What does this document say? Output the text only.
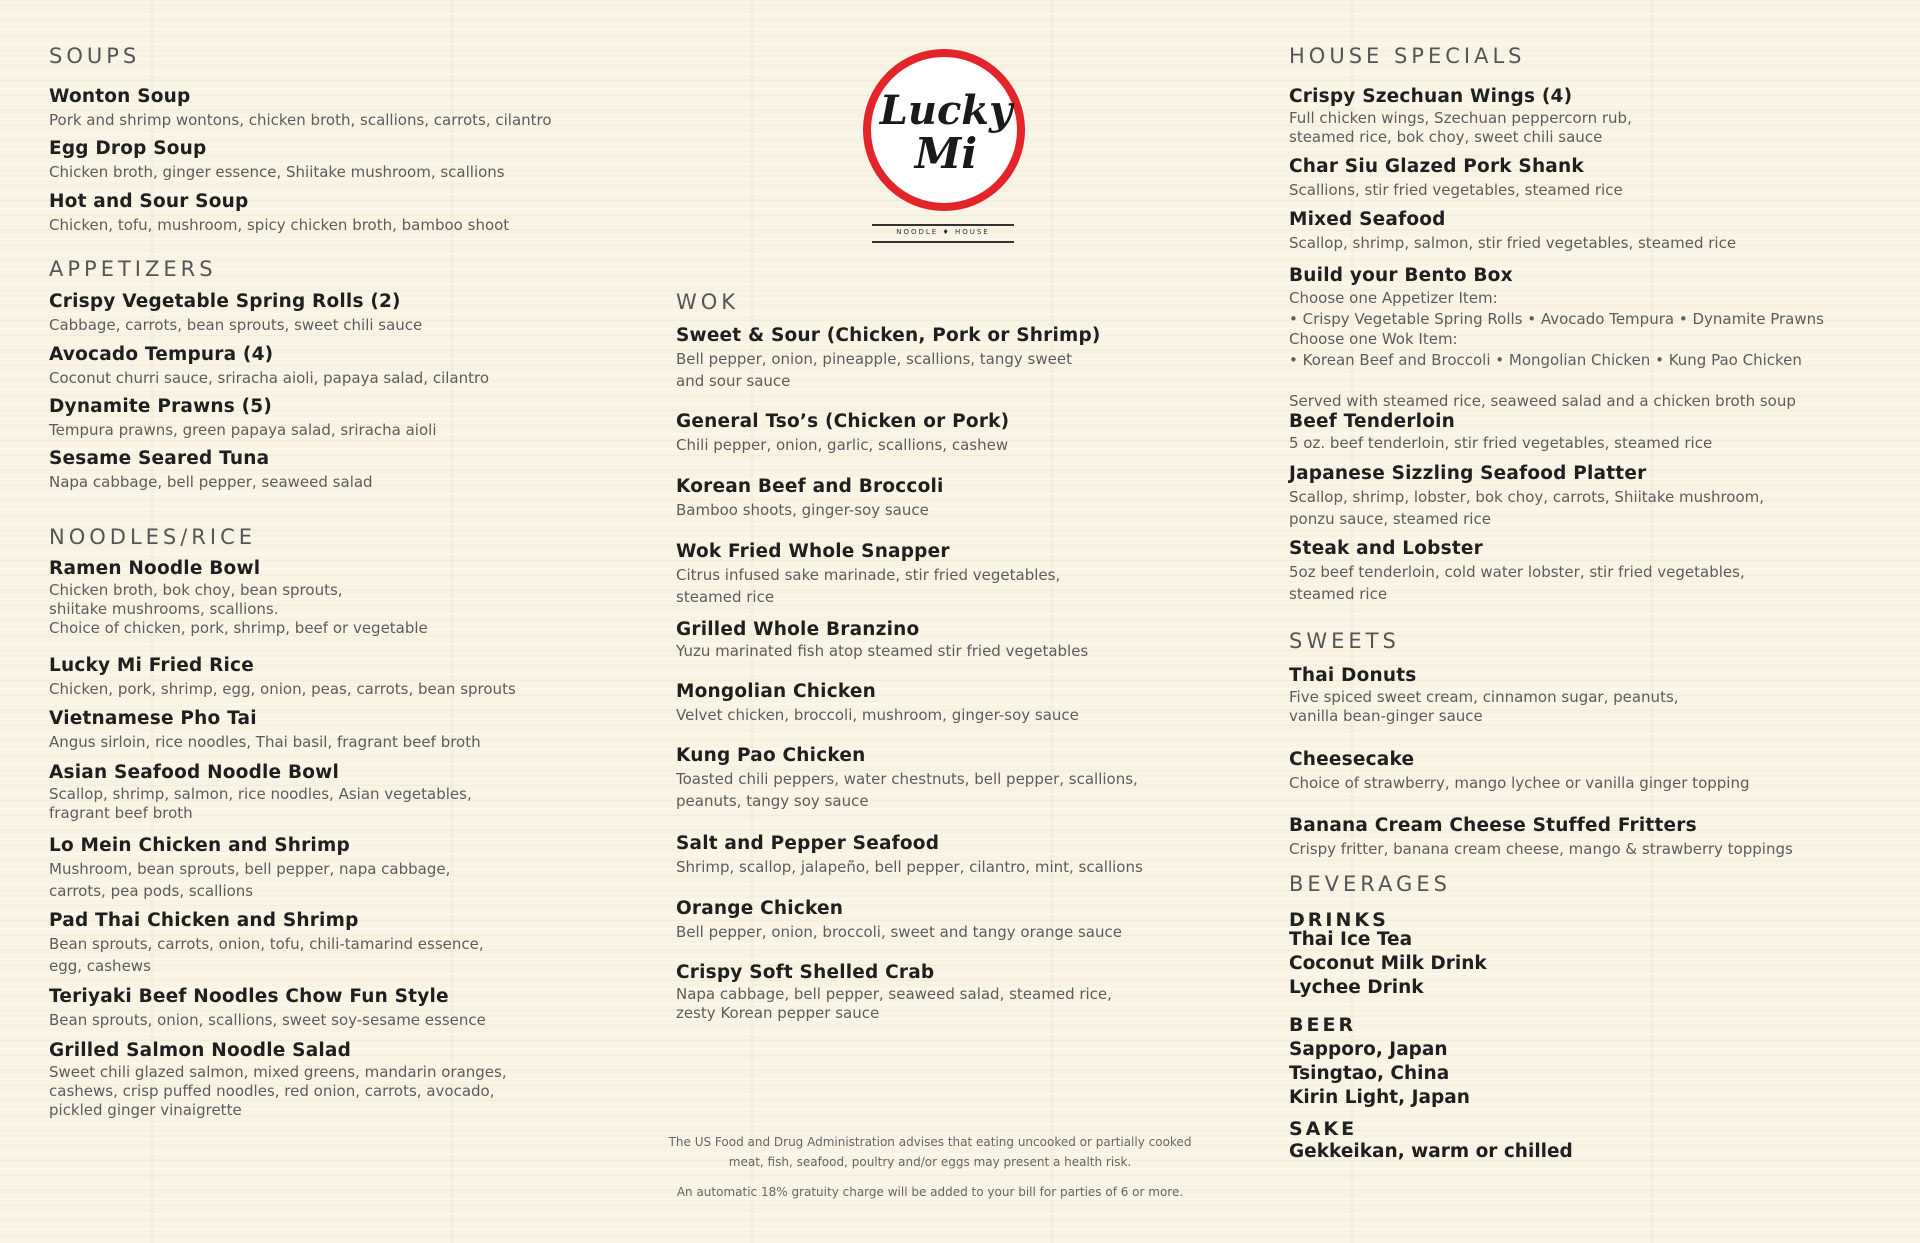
SOUPS
Wonton Soup
Pork and shrimp wontons, chicken broth, scallions, carrots, cilantro
Egg Drop Soup
Chicken broth, ginger essence, Shiitake mushroom, scallions
Hot and Sour Soup
Chicken, tofu, mushroom, spicy chicken broth, bamboo shoot
APPETIZERS
Crispy Vegetable Spring Rolls (2)
Cabbage, carrots, bean sprouts, sweet chili sauce
Avocado Tempura (4)
Coconut churri sauce, sriracha aioli, papaya salad, cilantro
Dynamite Prawns (5)
Tempura prawns, green papaya salad, sriracha aioli
Sesame Seared Tuna
Napa cabbage, bell pepper, seaweed salad
NOODLES/RICE
Ramen Noodle Bowl
Chicken broth, bok choy, bean sprouts,
shiitake mushrooms, scallions.
Choice of chicken, pork, shrimp, beef or vegetable
Lucky Mi Fried Rice
Chicken, pork, shrimp, egg, onion, peas, carrots, bean sprouts
Vietnamese Pho Tai
Angus sirloin, rice noodles, Thai basil, fragrant beef broth
Asian Seafood Noodle Bowl
Scallop, shrimp, salmon, rice noodles, Asian vegetables,
fragrant beef broth
Lo Mein Chicken and Shrimp
Mushroom, bean sprouts, bell pepper, napa cabbage,
carrots, pea pods, scallions
Pad Thai Chicken and Shrimp
Bean sprouts, carrots, onion, tofu, chili-tamarind essence,
egg, cashews
Teriyaki Beef Noodles Chow Fun Style
Bean sprouts, onion, scallions, sweet soy-sesame essence
Grilled Salmon Noodle Salad
Sweet chili glazed salmon, mixed greens, mandarin oranges,
cashews, crisp puffed noodles, red onion, carrots, avocado,
pickled ginger vinaigrette
Lucky
Mi
NOODLE ♦ HOUSE
WOK
Sweet & Sour (Chicken, Pork or Shrimp)
Bell pepper, onion, pineapple, scallions, tangy sweet
and sour sauce
General Tso’s (Chicken or Pork)
Chili pepper, onion, garlic, scallions, cashew
Korean Beef and Broccoli
Bamboo shoots, ginger-soy sauce
Wok Fried Whole Snapper
Citrus infused sake marinade, stir fried vegetables,
steamed rice
Grilled Whole Branzino
Yuzu marinated fish atop steamed stir fried vegetables
Mongolian Chicken
Velvet chicken, broccoli, mushroom, ginger-soy sauce
Kung Pao Chicken
Toasted chili peppers, water chestnuts, bell pepper, scallions,
peanuts, tangy soy sauce
Salt and Pepper Seafood
Shrimp, scallop, jalapeño, bell pepper, cilantro, mint, scallions
Orange Chicken
Bell pepper, onion, broccoli, sweet and tangy orange sauce
Crispy Soft Shelled Crab
Napa cabbage, bell pepper, seaweed salad, steamed rice,
zesty Korean pepper sauce
The US Food and Drug Administration advises that eating uncooked or partially cooked
meat, fish, seafood, poultry and/or eggs may present a health risk.
An automatic 18% gratuity charge will be added to your bill for parties of 6 or more.
HOUSE SPECIALS
Crispy Szechuan Wings (4)
Full chicken wings, Szechuan peppercorn rub,
steamed rice, bok choy, sweet chili sauce
Char Siu Glazed Pork Shank
Scallions, stir fried vegetables, steamed rice
Mixed Seafood
Scallop, shrimp, salmon, stir fried vegetables, steamed rice
Build your Bento Box
Choose one Appetizer Item:
• Crispy Vegetable Spring Rolls • Avocado Tempura • Dynamite Prawns
Choose one Wok Item:
• Korean Beef and Broccoli • Mongolian Chicken • Kung Pao Chicken

Served with steamed rice, seaweed salad and a chicken broth soup
Beef Tenderloin
5 oz. beef tenderloin, stir fried vegetables, steamed rice
Japanese Sizzling Seafood Platter
Scallop, shrimp, lobster, bok choy, carrots, Shiitake mushroom,
ponzu sauce, steamed rice
Steak and Lobster
5oz beef tenderloin, cold water lobster, stir fried vegetables,
steamed rice
SWEETS
Thai Donuts
Five spiced sweet cream, cinnamon sugar, peanuts,
vanilla bean-ginger sauce
Cheesecake
Choice of strawberry, mango lychee or vanilla ginger topping
Banana Cream Cheese Stuffed Fritters
Crispy fritter, banana cream cheese, mango & strawberry toppings
BEVERAGES
DRINKS
Thai Ice Tea
Coconut Milk Drink
Lychee Drink
BEER
Sapporo, Japan
Tsingtao, China
Kirin Light, Japan
SAKE
Gekkeikan, warm or chilled
